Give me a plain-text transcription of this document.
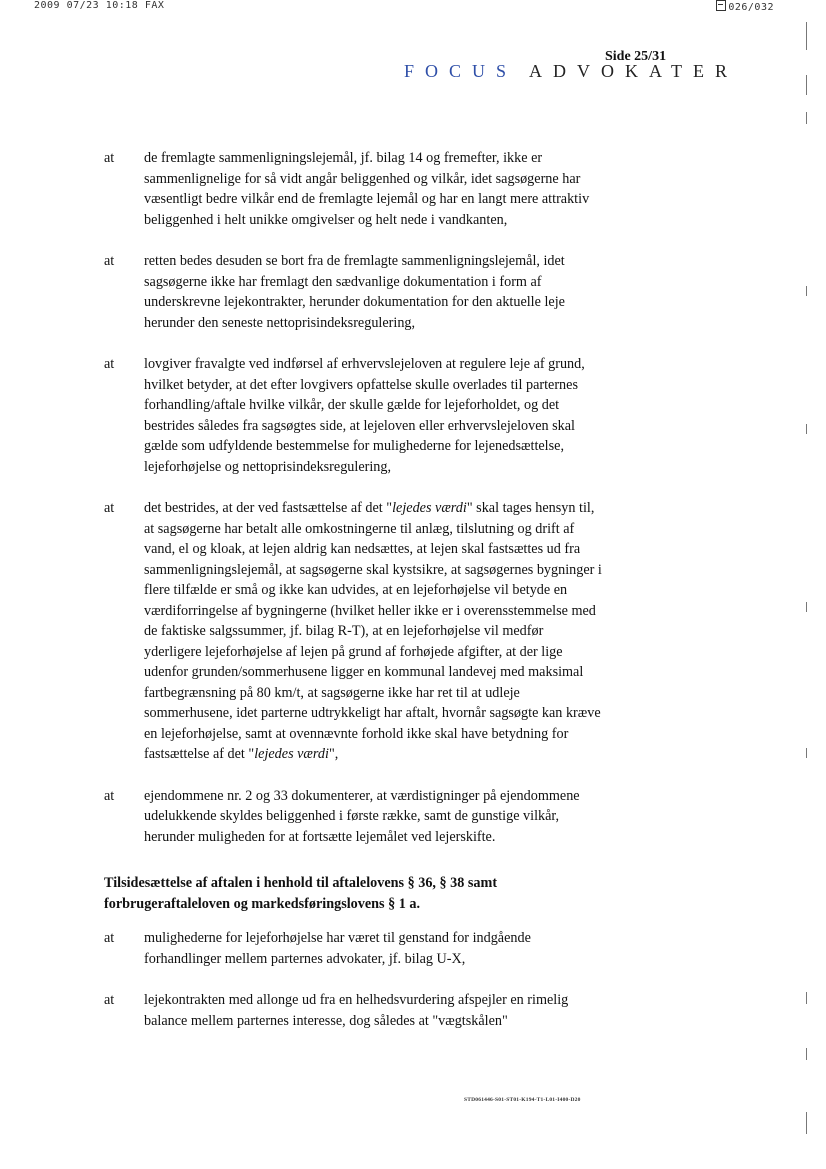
2009 07/23 10:18 FAX	026/032
FOCUS ADVOKATER
Side 25/31
at	de fremlagte sammenligningslejemål, jf. bilag 14 og fremefter, ikke er sammenlignelige for så vidt angår beliggenhed og vilkår, idet sagsøgerne har væsentligt bedre vilkår end de fremlagte lejemål og har en langt mere attraktiv beliggenhed i helt unikke omgivelser og helt nede i vandkanten,
at	retten bedes desuden se bort fra de fremlagte sammenligningslejemål, idet sagsøgerne ikke har fremlagt den sædvanlige dokumentation i form af underskrevne lejekontrakter, herunder dokumentation for den aktuelle leje herunder den seneste nettoprisindeksregulering,
at	lovgiver fravalgte ved indførsel af erhvervslejeloven at regulere leje af grund, hvilket betyder, at det efter lovgivers opfattelse skulle overlades til parternes forhandling/aftale hvilke vilkår, der skulle gælde for lejeforholdet, og det bestrides således fra sagsøgtes side, at lejeloven eller erhvervslejeloven skal gælde som udfyldende bestemmelse for mulighederne for lejenedsættelse, lejeforhøjelse og nettoprisindeksregulering,
at	det bestrides, at der ved fastsættelse af det "lejedes værdi" skal tages hensyn til, at sagsøgerne har betalt alle omkostningerne til anlæg, tilslutning og drift af vand, el og kloak, at lejen aldrig kan nedsættes, at lejen skal fastsættes ud fra sammenligningslejemål, at sagsøgerne skal kystsikre, at sagsøgernes bygninger i flere tilfælde er små og ikke kan udvides, at en lejeforhøjelse vil betyde en værdiforringelse af bygningerne (hvilket heller ikke er i overensstemmelse med de faktiske salgssummer, jf. bilag R-T), at en lejeforhøjelse vil medfør yderligere lejeforhøjelse af lejen på grund af forhøjede afgifter, at der lige udenfor grunden/sommerhusene ligger en kommunal landevej med maksimal fartbegrænsning på 80 km/t, at sagsøgerne ikke har ret til at udleje sommerhusene, idet parterne udtrykkeligt har aftalt, hvornår sagsøgte kan kræve en lejeforhøjelse, samt at ovennævnte forhold ikke skal have betydning for fastsættelse af det "lejedes værdi",
at	ejendommene nr. 2 og 33 dokumenterer, at værdistigninger på ejendommene udelukkende skyldes beliggenhed i første række, samt de gunstige vilkår, herunder muligheden for at fortsætte lejemålet ved lejerskifte.
Tilsidesættelse af aftalen i henhold til aftalelovens § 36, § 38 samt forbrugeraftaleloven og markedsføringslovens § 1 a.
at	mulighederne for lejeforhøjelse har været til genstand for indgående forhandlinger mellem parternes advokater, jf. bilag U-X,
at	lejekontrakten med allonge ud fra en helhedsvurdering afspejler en rimelig balance mellem parternes interesse, dog således at "vægtskålen"
STD061446-S01-ST01-K194-T1-L01-I400-D20
